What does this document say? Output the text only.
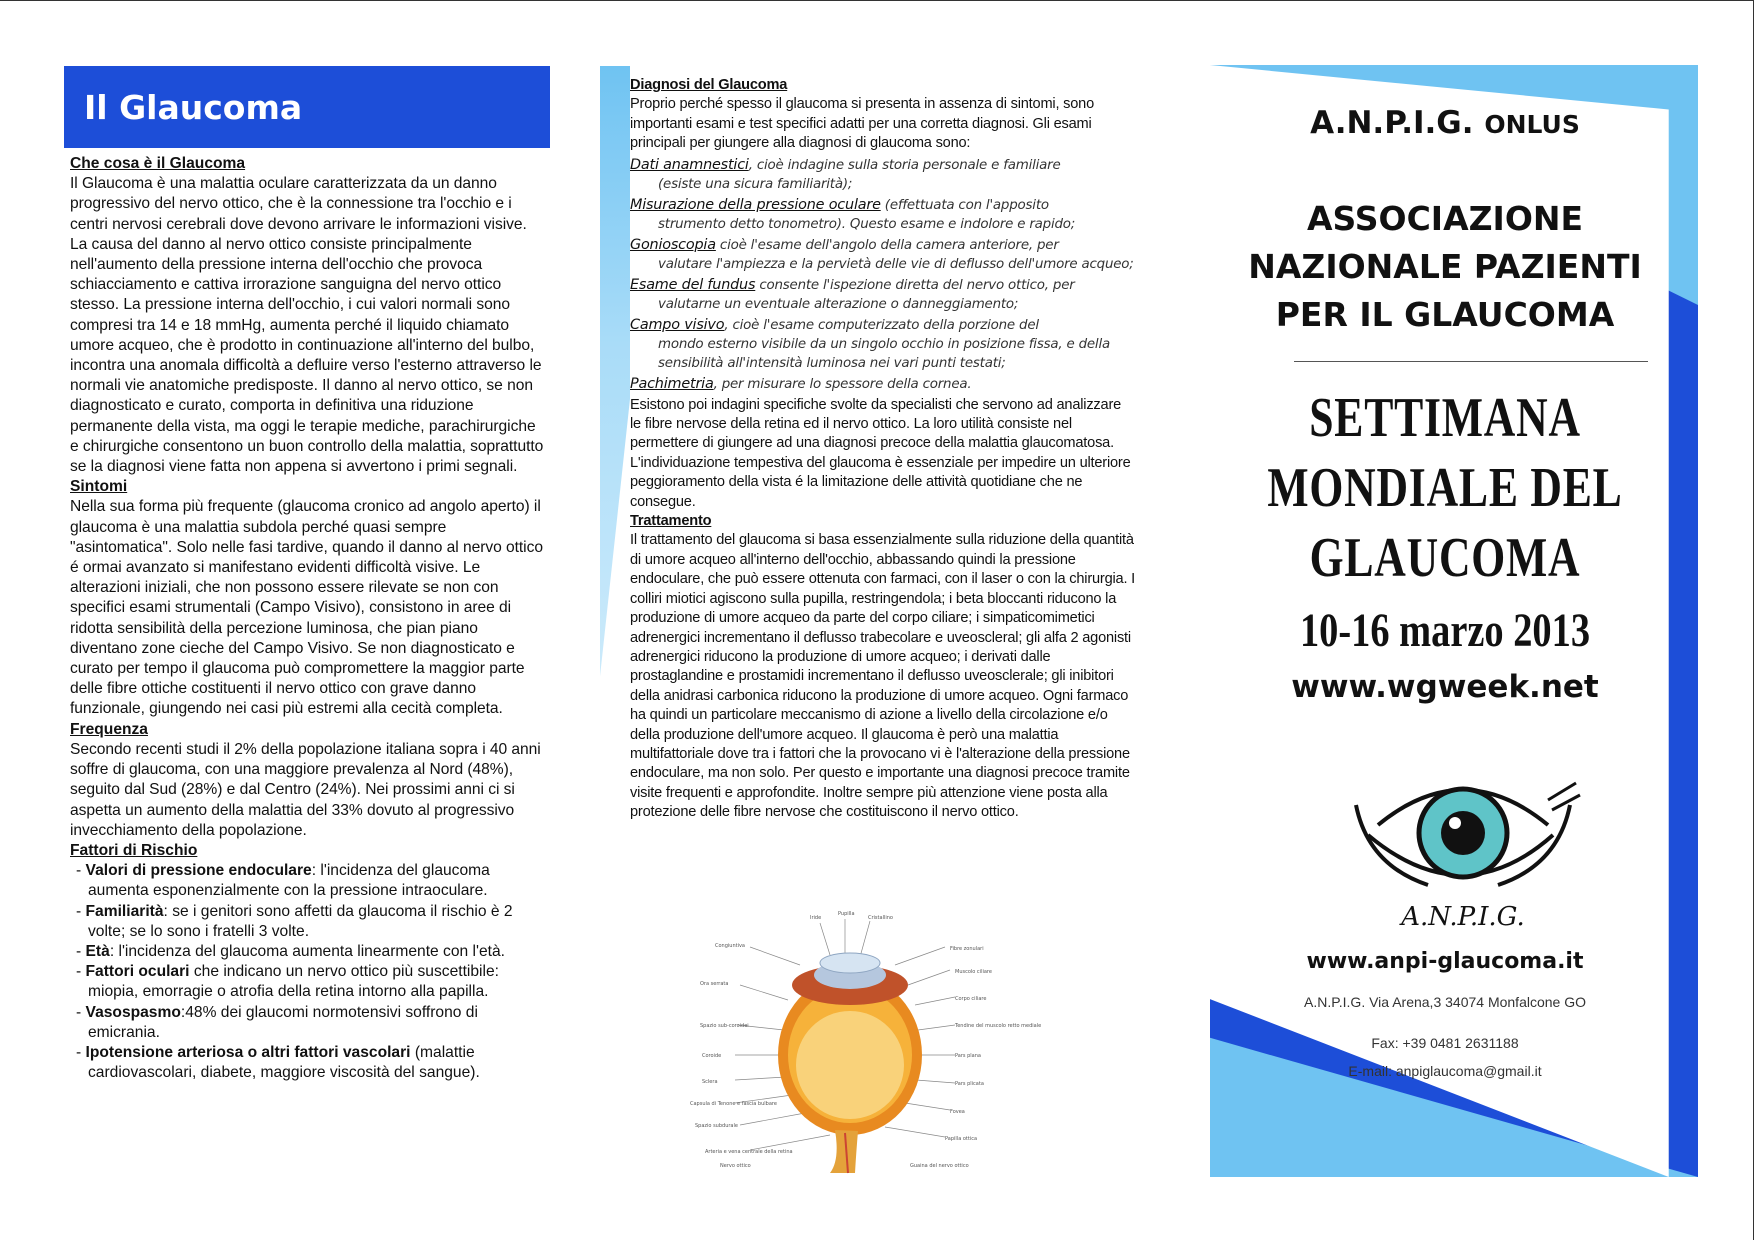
Il Glaucoma
Che cosa è il Glaucoma

Il Glaucoma è una malattia oculare caratterizzata da un danno progressivo del nervo ottico, che è la connessione tra l'occhio e i centri nervosi cerebrali dove devono arrivare le informazioni visive. La causa del danno al nervo ottico consiste principalmente nell'aumento della pressione interna dell'occhio che provoca schiacciamento e cattiva irrorazione sanguigna del nervo ottico stesso. La pressione interna dell'occhio, i cui valori normali sono compresi tra 14 e 18 mmHg, aumenta perché il liquido chiamato umore acqueo, che è prodotto in continuazione all'interno del bulbo, incontra una anomala difficoltà a defluire verso l'esterno attraverso le normali vie anatomiche predisposte. Il danno al nervo ottico, se non diagnosticato e curato, comporta in definitiva una riduzione permanente della vista, ma oggi le terapie mediche, parachirurgiche e chirurgiche consentono un buon controllo della malattia, soprattutto se la diagnosi viene fatta non appena si avvertono i primi segnali.

Sintomi

Nella sua forma più frequente (glaucoma cronico ad angolo aperto) il glaucoma è una malattia subdola perché quasi sempre "asintomatica". Solo nelle fasi tardive, quando il danno al nervo ottico é ormai avanzato si manifestano evidenti difficoltà visive. Le alterazioni iniziali, che non possono essere rilevate se non con specifici esami strumentali (Campo Visivo), consistono in aree di ridotta sensibilità della percezione luminosa, che pian piano diventano zone cieche del Campo Visivo. Se non diagnosticato e curato per tempo il glaucoma può compromettere la maggior parte delle fibre ottiche costituenti il nervo ottico con grave danno funzionale, giungendo nei casi più estremi alla cecità completa.

Frequenza

Secondo recenti studi il 2% della popolazione italiana sopra i 40 anni soffre di glaucoma, con una maggiore prevalenza al Nord (48%), seguito dal Sud (28%) e dal Centro (24%). Nei prossimi anni ci si aspetta un aumento della malattia del 33% dovuto al progressivo invecchiamento della popolazione.

Fattori di Rischio

- Valori di pressione endoculare: l'incidenza del glaucoma aumenta esponenzialmente con la pressione intraoculare.

- Familiarità: se i genitori sono affetti da glaucoma il rischio è 2 volte; se lo sono i fratelli 3 volte.

- Età: l'incidenza del glaucoma aumenta linearmente con l'età.

- Fattori oculari che indicano un nervo ottico più suscettibile: miopia, emorragie o atrofia della retina intorno alla papilla.

- Vasospasmo:48% dei glaucomi normotensivi soffrono di emicrania.

- Ipotensione arteriosa o altri fattori vascolari (malattie cardiovascolari, diabete, maggiore viscosità del sangue).

Diagnosi del Glaucoma

Proprio perché spesso il glaucoma si presenta in assenza di sintomi, sono importanti esami e test specifici adatti per una corretta diagnosi. Gli esami principali per giungere alla diagnosi di glaucoma sono:

Dati anamnestici, cioè indagine sulla storia personale e familiare
(esiste una sicura familiarità);
Misurazione della pressione oculare (effettuata con l'apposito
strumento detto tonometro). Questo esame e indolore e rapido;
Gonioscopia cioè l'esame dell'angolo della camera anteriore, per
valutare l'ampiezza e la pervietà delle vie di deflusso dell'umore acqueo;
Esame del fundus consente l'ispezione diretta del nervo ottico, per
valutarne un eventuale alterazione o danneggiamento;
Campo visivo, cioè l'esame computerizzato della porzione del
mondo esterno visibile da un singolo occhio in posizione fissa, e della sensibilità all'intensità luminosa nei vari punti testati;
Pachimetria, per misurare lo spessore della cornea.

Esistono poi indagini specifiche svolte da specialisti che servono ad analizzare le fibre nervose della retina ed il nervo ottico. La loro utilità consiste nel permettere di giungere ad una diagnosi precoce della malattia glaucomatosa. L'individuazione tempestiva del glaucoma è essenziale per impedire un ulteriore peggioramento della vista é la limitazione delle attività quotidiane che ne consegue.

Trattamento

Il trattamento del glaucoma si basa essenzialmente sulla riduzione della quantità di umore acqueo all'interno dell'occhio, abbassando quindi la pressione endoculare, che può essere ottenuta con farmaci, con il laser o con la chirurgia. I colliri miotici agiscono sulla pupilla, restringendola; i beta bloccanti riducono la produzione di umore acqueo da parte del corpo ciliare; i simpaticomimetici adrenergici incrementano il deflusso trabecolare e uveoscleral; gli alfa 2 agonisti adrenergici riducono la produzione di umore acqueo; i derivati dalle prostaglandine e prostamidi incrementano il deflusso uveosclerale; gli inibitori della anidrasi carbonica riducono la produzione di umore acqueo. Ogni farmaco ha quindi un particolare meccanismo di azione a livello della circolazione e/o della produzione dell'umore acqueo. Il glaucoma è però una malattia multifattoriale dove tra i fattori che la provocano vi è l'alterazione della pressione endoculare, ma non solo. Per questo e importante una diagnosi precoce tramite visite frequenti e approfondite. Inoltre sempre più attenzione viene posta alla protezione delle fibre nervose che costituiscono il nervo ottico.

Iride
Pupilla
Cristallino
Congiuntiva	Fibre zonulari
Ora serrata
Muscolo ciliare
Spazio sub-coroidei
Corpo ciliare
Coroide
Tendine del muscolo retto mediale
Sclera
Pars plana
Capsula di Tenone e fascia bulbare
Pars plicata
Spazio subdurale
Fovea
Arteria e vena centrale della retina
Papilla ottica
Nervo ottico	Guaina del nervo ottico
A.N.P.I.G. ONLUS
ASSOCIAZIONE
NAZIONALE PAZIENTI
PER IL GLAUCOMA
SETTIMANA
MONDIALE DEL
GLAUCOMA
10-16 marzo 2013
www.wgweek.net
A.N.P.I.G.
www.anpi-glaucoma.it
A.N.P.I.G. Via Arena,3 34074 Monfalcone GO
Fax: +39 0481 2631188
E-mail: anpiglaucoma@gmail.it
